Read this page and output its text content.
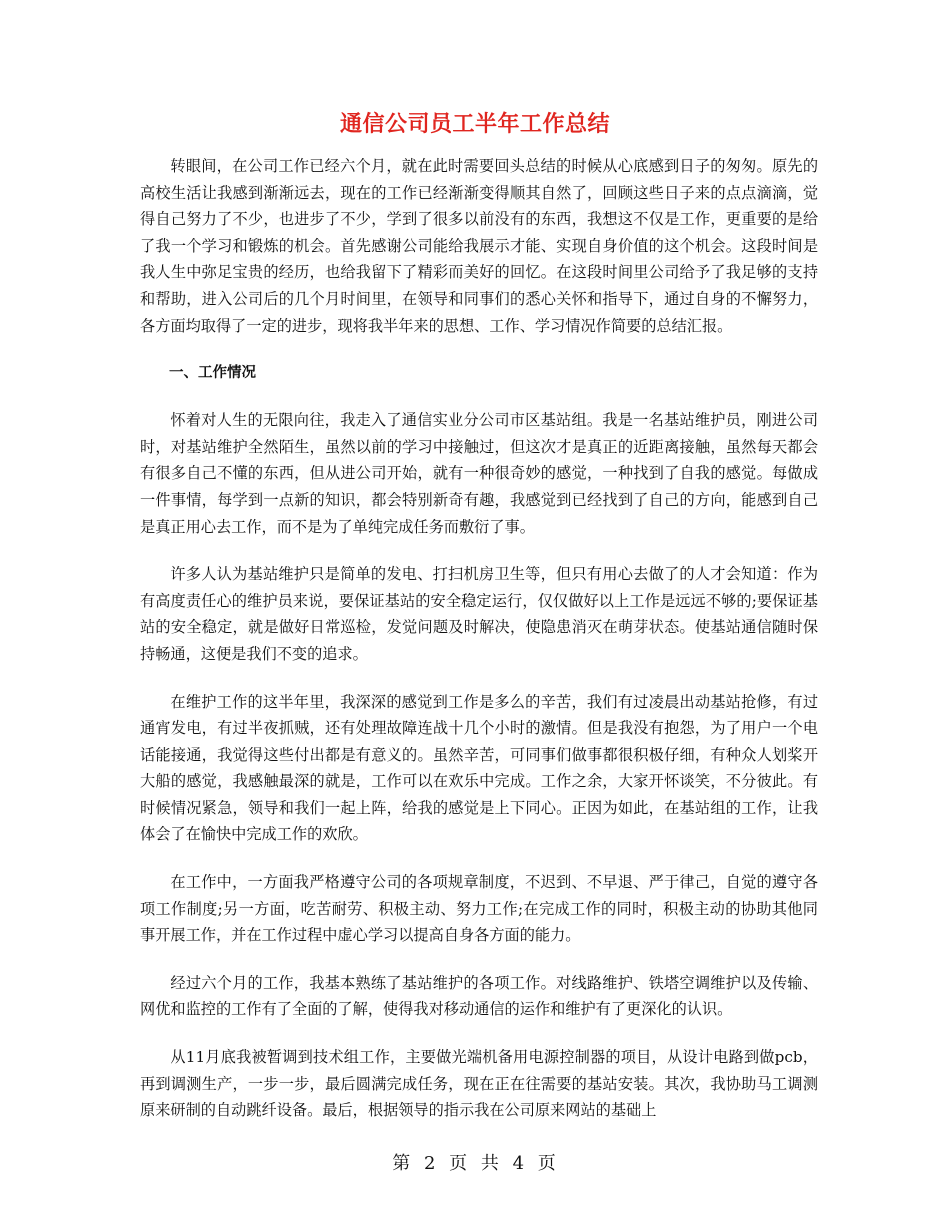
通信公司员工半年工作总结

转眼间，在公司工作已经六个月，就在此时需要回头总结的时候从心底感到日子的匆匆。原先的高校生活让我感到渐渐远去，现在的工作已经渐渐变得顺其自然了，回顾这些日子来的点点滴滴，觉得自己努力了不少，也进步了不少，学到了很多以前没有的东西，我想这不仅是工作，更重要的是给了我一个学习和锻炼的机会。首先感谢公司能给我展示才能、实现自身价值的这个机会。这段时间是我人生中弥足宝贵的经历，也给我留下了精彩而美好的回忆。在这段时间里公司给予了我足够的支持和帮助，进入公司后的几个月时间里，在领导和同事们的悉心关怀和指导下，通过自身的不懈努力，各方面均取得了一定的进步，现将我半年来的思想、工作、学习情况作简要的总结汇报。

一、工作情况

怀着对人生的无限向往，我走入了通信实业分公司市区基站组。我是一名基站维护员，刚进公司时，对基站维护全然陌生，虽然以前的学习中接触过，但这次才是真正的近距离接触，虽然每天都会有很多自己不懂的东西，但从进公司开始，就有一种很奇妙的感觉，一种找到了自我的感觉。每做成一件事情，每学到一点新的知识，都会特别新奇有趣，我感觉到已经找到了自己的方向，能感到自己是真正用心去工作，而不是为了单纯完成任务而敷衍了事。

许多人认为基站维护只是简单的发电、打扫机房卫生等，但只有用心去做了的人才会知道：作为有高度责任心的维护员来说，要保证基站的安全稳定运行，仅仅做好以上工作是远远不够的;要保证基站的安全稳定，就是做好日常巡检，发觉问题及时解决，使隐患消灭在萌芽状态。使基站通信随时保持畅通，这便是我们不变的追求。

在维护工作的这半年里，我深深的感觉到工作是多么的辛苦，我们有过凌晨出动基站抢修，有过通宵发电，有过半夜抓贼，还有处理故障连战十几个小时的激情。但是我没有抱怨，为了用户一个电话能接通，我觉得这些付出都是有意义的。虽然辛苦，可同事们做事都很积极仔细，有种众人划桨开大船的感觉，我感触最深的就是，工作可以在欢乐中完成。工作之余，大家开怀谈笑，不分彼此。有时候情况紧急，领导和我们一起上阵，给我的感觉是上下同心。正因为如此，在基站组的工作，让我体会了在愉快中完成工作的欢欣。

在工作中，一方面我严格遵守公司的各项规章制度，不迟到、不早退、严于律己，自觉的遵守各项工作制度;另一方面，吃苦耐劳、积极主动、努力工作;在完成工作的同时，积极主动的协助其他同事开展工作，并在工作过程中虚心学习以提高自身各方面的能力。

经过六个月的工作，我基本熟练了基站维护的各项工作。对线路维护、铁塔空调维护以及传输、网优和监控的工作有了全面的了解，使得我对移动通信的运作和维护有了更深化的认识。

从11月底我被暂调到技术组工作，主要做光端机备用电源控制器的项目，从设计电路到做pcb，再到调测生产，一步一步，最后圆满完成任务，现在正在往需要的基站安装。其次，我协助马工调测原来研制的自动跳纤设备。最后，根据领导的指示我在公司原来网站的基础上

第 2 页 共 4 页
